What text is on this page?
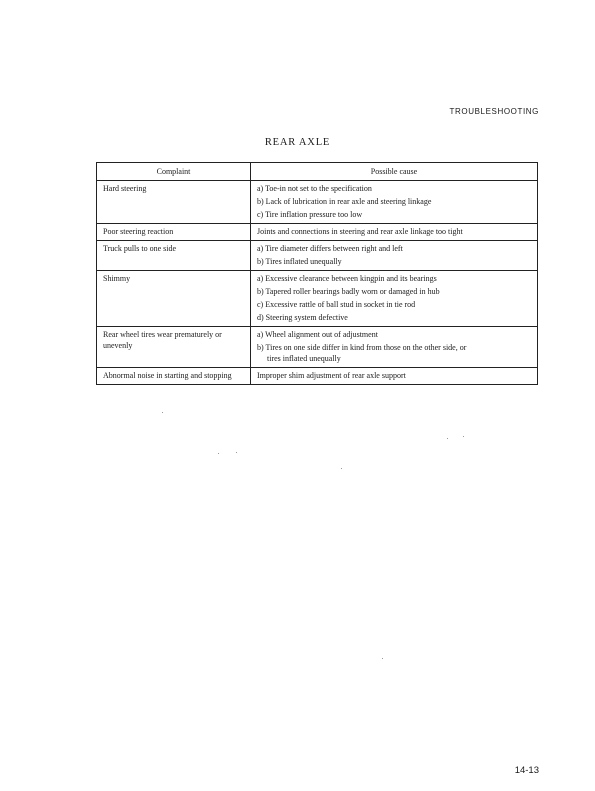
TROUBLESHOOTING
REAR AXLE
Complaint	Possible cause
Hard steering	a) Toe-in not set to the specification
b) Lack of lubrication in rear axle and steering linkage
c) Tire inflation pressure too low

Poor steering reaction	Joints and connections in steering and rear axle linkage too tight

Truck pulls to one side	a) Tire diameter differs between right and left
b) Tires inflated unequally

Shimmy	a) Excessive clearance between kingpin and its bearings
b) Tapered roller bearings badly worn or damaged in hub
c) Excessive rattle of ball stud in socket in tie rod
d) Steering system defective

Rear wheel tires wear prematurely or unevenly	a) Wheel alignment out of adjustment
b) Tires on one side differ in kind from those on the other side, or
tires inflated unequally

Abnormal noise in starting and stopping	Improper shim adjustment of rear axle support
14-13
